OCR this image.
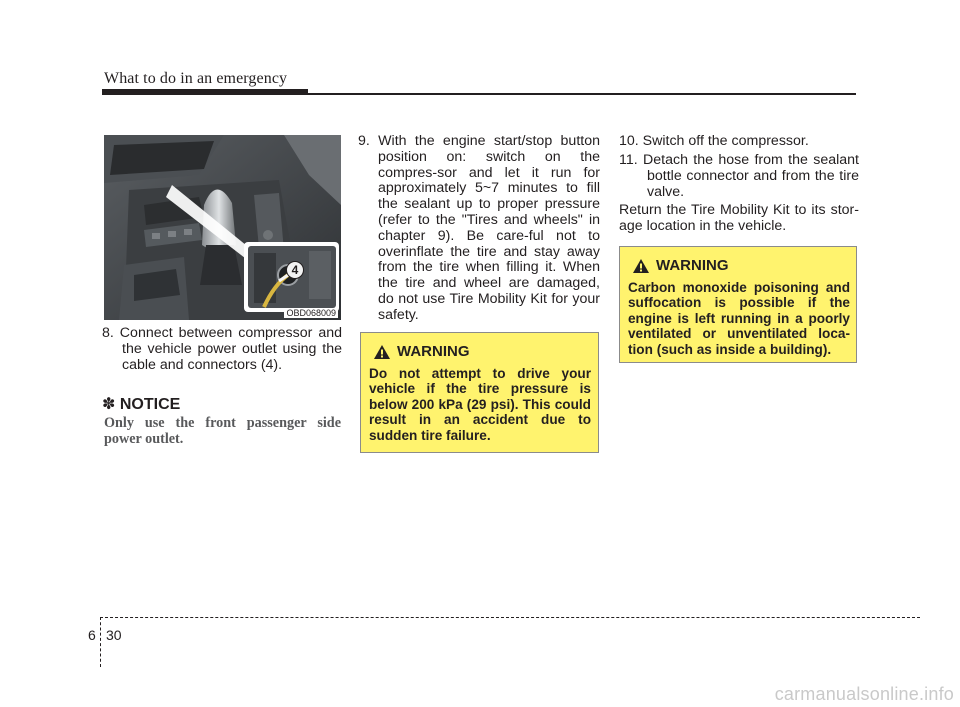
What to do in an emergency
4
OBD068009
8. Connect between compressor and the vehicle power outlet using the cable and connectors (4).
✽ NOTICE
Only use the front passenger side power outlet.
9. With the engine start/stop button position on: switch on the compres-sor and let it run for approximately 5~7 minutes to fill the sealant up to proper pressure (refer to the "Tires and wheels" in chapter 9). Be care-ful not to overinflate the tire and stay away from the tire when filling it. When the tire and wheel are damaged, do not use Tire Mobility Kit for your safety.
WARNING
Do not attempt to drive your vehicle if the tire pressure is below 200 kPa (29 psi). This could result in an accident due to sudden tire failure.
10. Switch off the compressor.
11. Detach the hose from the sealant bottle connector and from the tire valve.
Return the Tire Mobility Kit to its stor-age location in the vehicle.
WARNING
Carbon monoxide poisoning and suffocation is possible if the engine is left running in a poorly ventilated or unventilated loca-tion (such as inside a building).
6 30
carmanualsonline.info
